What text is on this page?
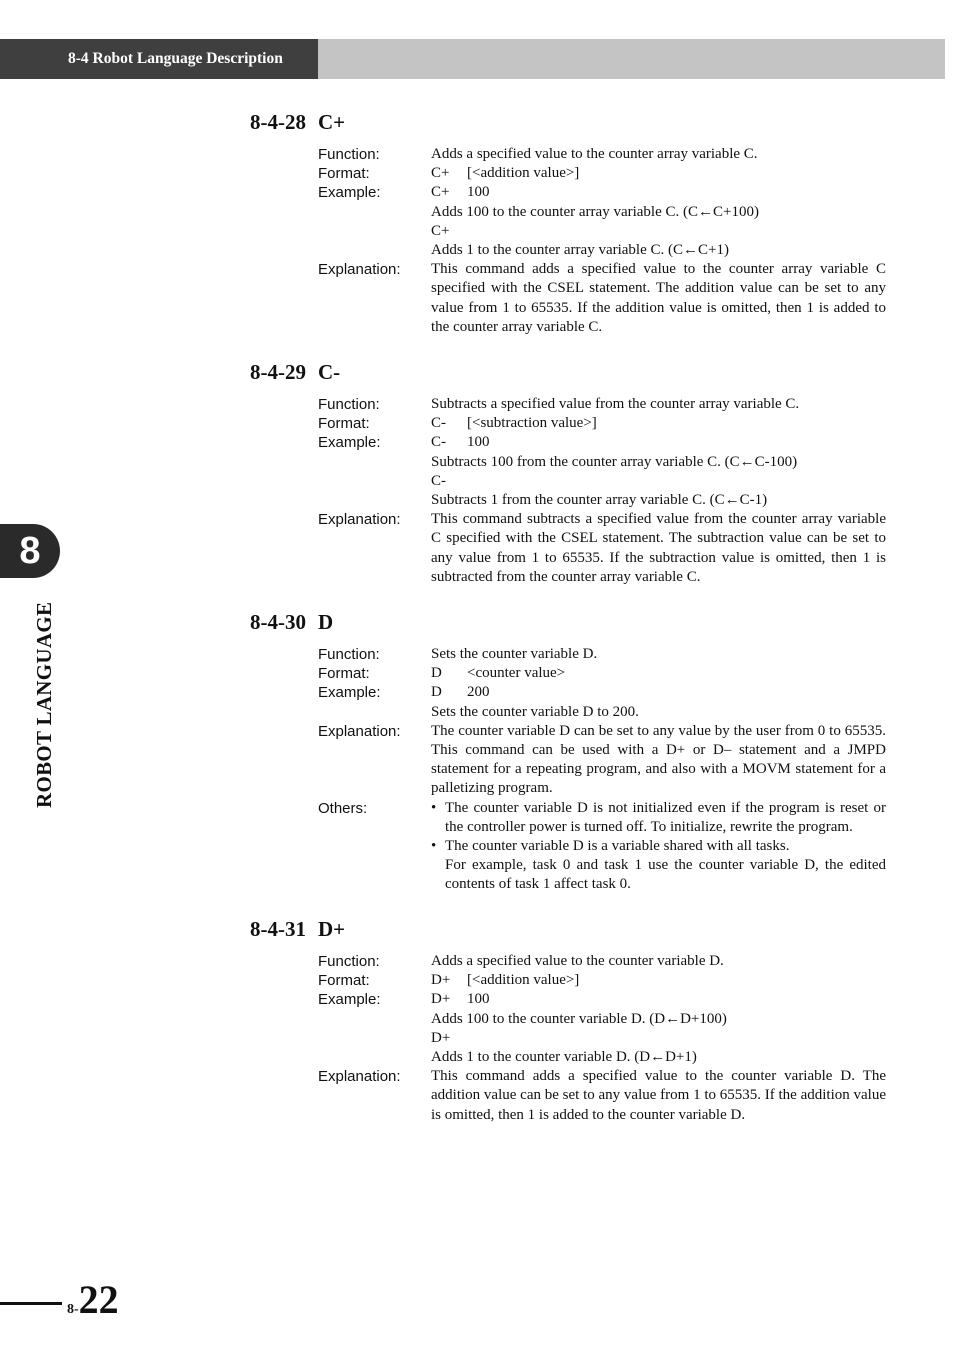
8-4 Robot Language Description
8
ROBOT LANGUAGE
8-4-28 C+
Function:	Adds a specified value to the counter array variable C.
Format:	C+ [<addition value>]
Example:	C+ 100
Adds 100 to the counter array variable C. (C←C+100)
C+
Adds 1 to the counter array variable C. (C←C+1)
Explanation:	This command adds a specified value to the counter array variable C specified with the CSEL statement. The addition value can be set to any value from 1 to 65535. If the addition value is omitted, then 1 is added to the counter array variable C.
8-4-29 C-
Function:	Subtracts a specified value from the counter array variable C.
Format:	C- [<subtraction value>]
Example:	C- 100
Subtracts 100 from the counter array variable C. (C←C-100)
C-
Subtracts 1 from the counter array variable C. (C←C-1)
Explanation:	This command subtracts a specified value from the counter array variable C specified with the CSEL statement. The subtraction value can be set to any value from 1 to 65535. If the subtraction value is omitted, then 1 is subtracted from the counter array variable C.
8-4-30 D
Function:	Sets the counter variable D.
Format:	D <counter value>
Example:	D 200
Sets the counter variable D to 200.
Explanation:	The counter variable D can be set to any value by the user from 0 to 65535. This command can be used with a D+ or D– statement and a JMPD statement for a repeating program, and also with a MOVM statement for a palletizing program.
Others:
•	The counter variable D is not initialized even if the program is reset or the controller power is turned off. To initialize, rewrite the program.
• The counter variable D is a variable shared with all tasks.
For example, task 0 and task 1 use the counter variable D, the edited contents of task 1 affect task 0.
8-4-31 D+
Function:	Adds a specified value to the counter variable D.
Format:	D+ [<addition value>]
Example:	D+ 100
Adds 100 to the counter variable D. (D←D+100)
D+
Adds 1 to the counter variable D. (D←D+1)
Explanation:	This command adds a specified value to the counter variable D. The addition value can be set to any value from 1 to 65535. If the addition value is omitted, then 1 is added to the counter variable D.
8-22
